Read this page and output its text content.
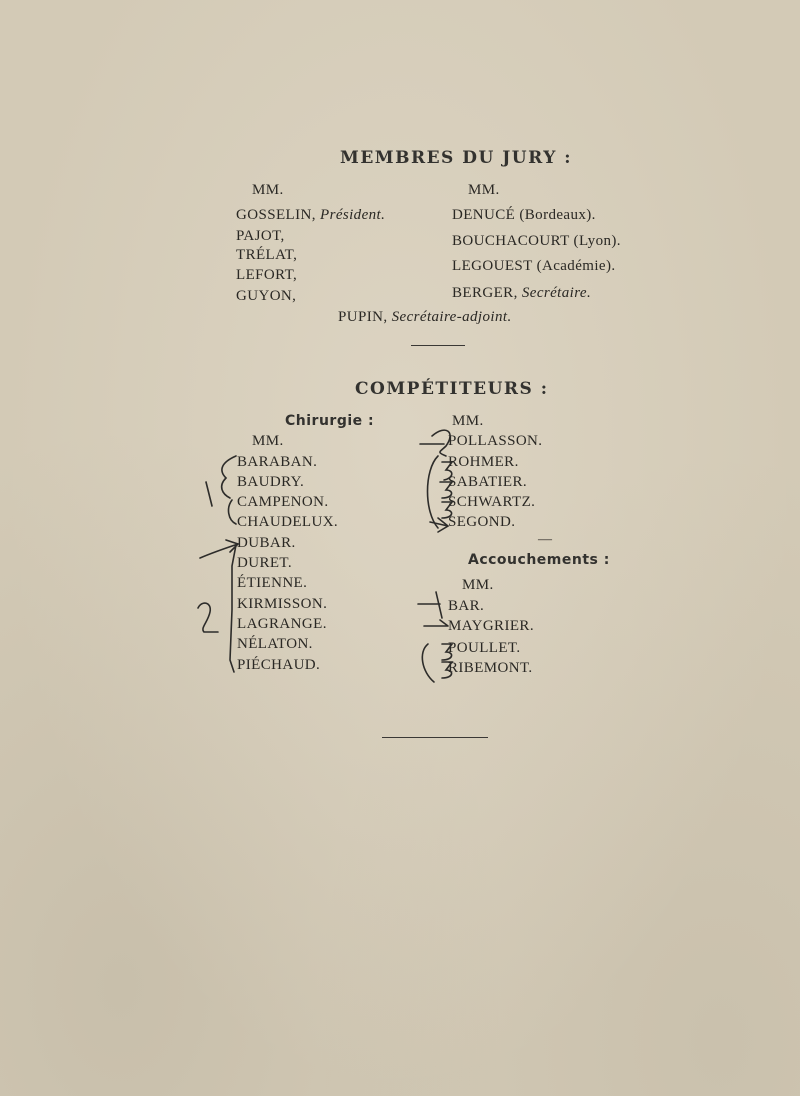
MEMBRES DU JURY :
MM.	MM.
GOSSELIN, Président.
PAJOT,
TRÉLAT,
LEFORT,
GUYON,
DENUCÉ (Bordeaux).
BOUCHACOURT (Lyon).
LEGOUEST (Académie).
BERGER, Secrétaire.
PUPIN, Secrétaire-adjoint.
COMPÉTITEURS :
Chirurgie :
MM.
BARABAN.
BAUDRY.
CAMPENON.
CHAUDELUX.
DUBAR.
DURET.
ÉTIENNE.
KIRMISSON.
LAGRANGE.
NÉLATON.
PIÉCHAUD.
MM.
POLLASSON.
ROHMER.
SABATIER.
SCHWARTZ.
SEGOND.
—
Accouchements :
MM.
BAR.
MAYGRIER.
POULLET.
RIBEMONT.
